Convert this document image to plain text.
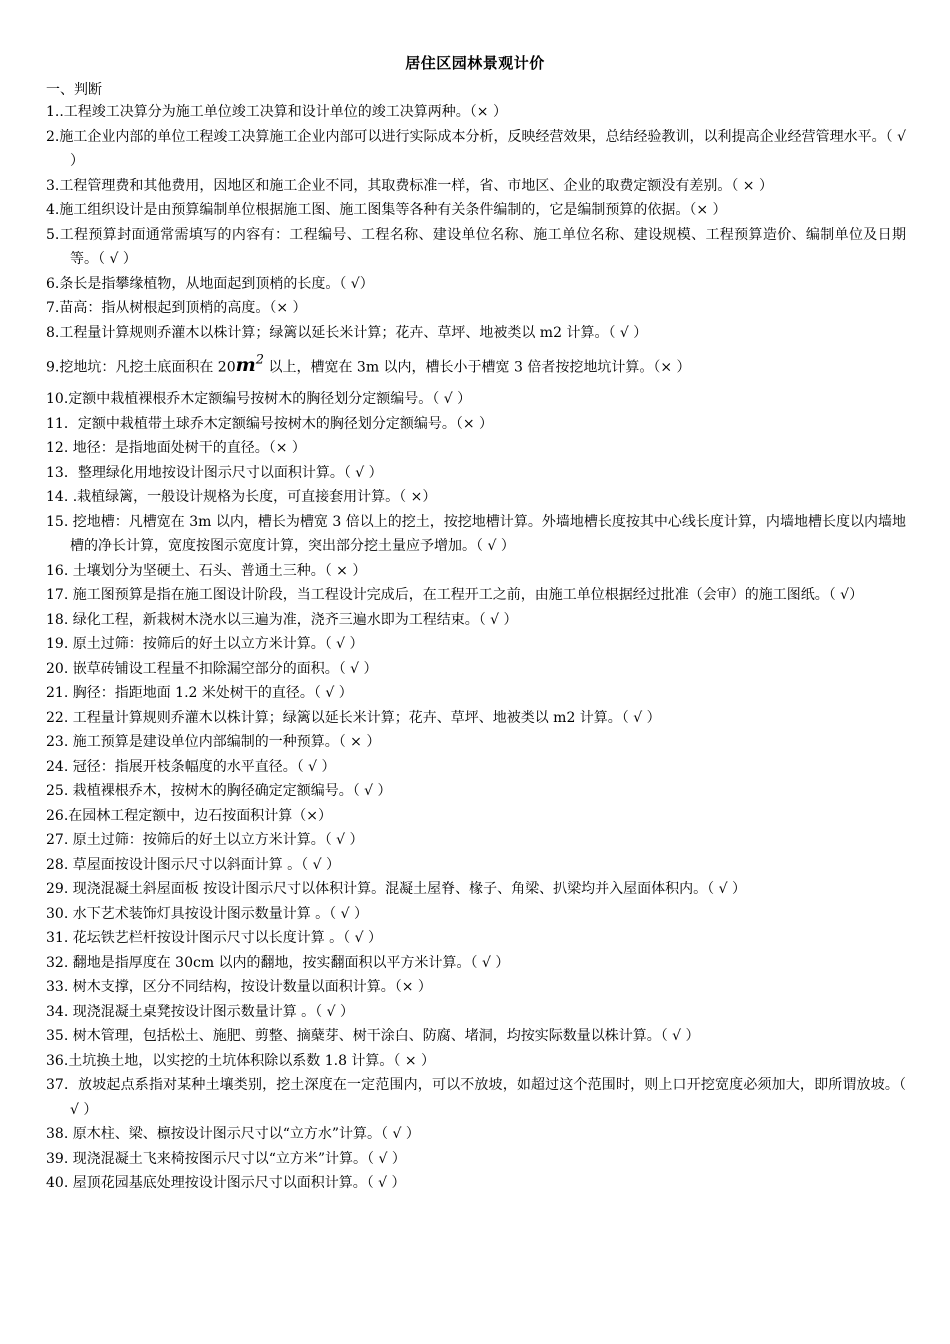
居住区园林景观计价
一、判断

1..工程竣工决算分为施工单位竣工决算和设计单位的竣工决算两种。（× ）

2.施工企业内部的单位工程竣工决算施工企业内部可以进行实际成本分析，反映经营效果，总结经验教训，以利提高企业经营管理水平。（ √ ）

3.工程管理费和其他费用，因地区和施工企业不同，其取费标准一样，省、市地区、企业的取费定额没有差别。（ × ）

4.施工组织设计是由预算编制单位根据施工图、施工图集等各种有关条件编制的，它是编制预算的依据。（× ）

5.工程预算封面通常需填写的内容有：工程编号、工程名称、建设单位名称、施工单位名称、建设规模、工程预算造价、编制单位及日期等。（ √ ）

6.条长是指攀缘植物，从地面起到顶梢的长度。（ √）

7.苗高：指从树根起到顶梢的高度。（× ）

8.工程量计算规则乔灌木以株计算；绿篱以延长米计算；花卉、草坪、地被类以 m2 计算。（ √ ）

9.挖地坑：凡挖土底面积在 $20m^2$ 以上，槽宽在 3m 以内，槽长小于槽宽 3 倍者按挖地坑计算。（× ）

10.定额中栽植裸根乔木定额编号按树木的胸径划分定额编号。（ √ ）

11．定额中栽植带土球乔木定额编号按树木的胸径划分定额编号。（× ）

12. 地径：是指地面处树干的直径。（× ）

13．整理绿化用地按设计图示尺寸以面积计算。（ √ ）

14. .栽植绿篱，一般设计规格为长度，可直接套用计算。（ ×）

15. 挖地槽：凡槽宽在 3m 以内，槽长为槽宽 3 倍以上的挖土，按挖地槽计算。外墙地槽长度按其中心线长度计算，内墙地槽长度以内墙地槽的净长计算，宽度按图示宽度计算，突出部分挖土量应予增加。（ √ ）

16. 土壤划分为坚硬土、石头、普通土三种。（ × ）

17. 施工图预算是指在施工图设计阶段，当工程设计完成后，在工程开工之前，由施工单位根据经过批准（会审）的施工图纸。（ √）

18. 绿化工程，新栽树木浇水以三遍为准，浇齐三遍水即为工程结束。（ √ ）

19. 原土过筛：按筛后的好土以立方米计算。（ √ ）

20. 嵌草砖铺设工程量不扣除漏空部分的面积。（ √ ）

21. 胸径：指距地面 1.2 米处树干的直径。（ √ ）

22. 工程量计算规则乔灌木以株计算；绿篱以延长米计算；花卉、草坪、地被类以 m2 计算。（ √ ）

23. 施工预算是建设单位内部编制的一种预算。（ × ）

24. 冠径：指展开枝条幅度的水平直径。（ √ ）

25. 栽植裸根乔木，按树木的胸径确定定额编号。（ √ ）

26.在园林工程定额中，边石按面积计算（×）

27. 原土过筛：按筛后的好土以立方米计算。（ √ ）

28. 草屋面按设计图示尺寸以斜面计算 。（ √ ）

29. 现浇混凝土斜屋面板 按设计图示尺寸以体积计算。混凝土屋脊、椽子、角梁、扒梁均并入屋面体积内。（ √ ）

30. 水下艺术装饰灯具按设计图示数量计算 。（ √ ）

31. 花坛铁艺栏杆按设计图示尺寸以长度计算 。（ √ ）

32. 翻地是指厚度在 30cm 以内的翻地，按实翻面积以平方米计算。（ √ ）

33. 树木支撑，区分不同结构，按设计数量以面积计算。（× ）

34. 现浇混凝土桌凳按设计图示数量计算 。（ √ ）

35. 树木管理，包括松土、施肥、剪整、摘蘖芽、树干涂白、防腐、堵洞，均按实际数量以株计算。（ √ ）

36.土坑换土地，以实挖的土坑体积除以系数 1.8 计算。（ × ）

37．放坡起点系指对某种土壤类别，挖土深度在一定范围内，可以不放坡，如超过这个范围时，则上口开挖宽度必须加大，即所谓放坡。（ √ ）

38. 原木柱、梁、檩按设计图示尺寸以“立方水”计算。（ √ ）

39. 现浇混凝土飞来椅按图示尺寸以“立方米”计算。（ √ ）

40. 屋顶花园基底处理按设计图示尺寸以面积计算。（ √ ）
